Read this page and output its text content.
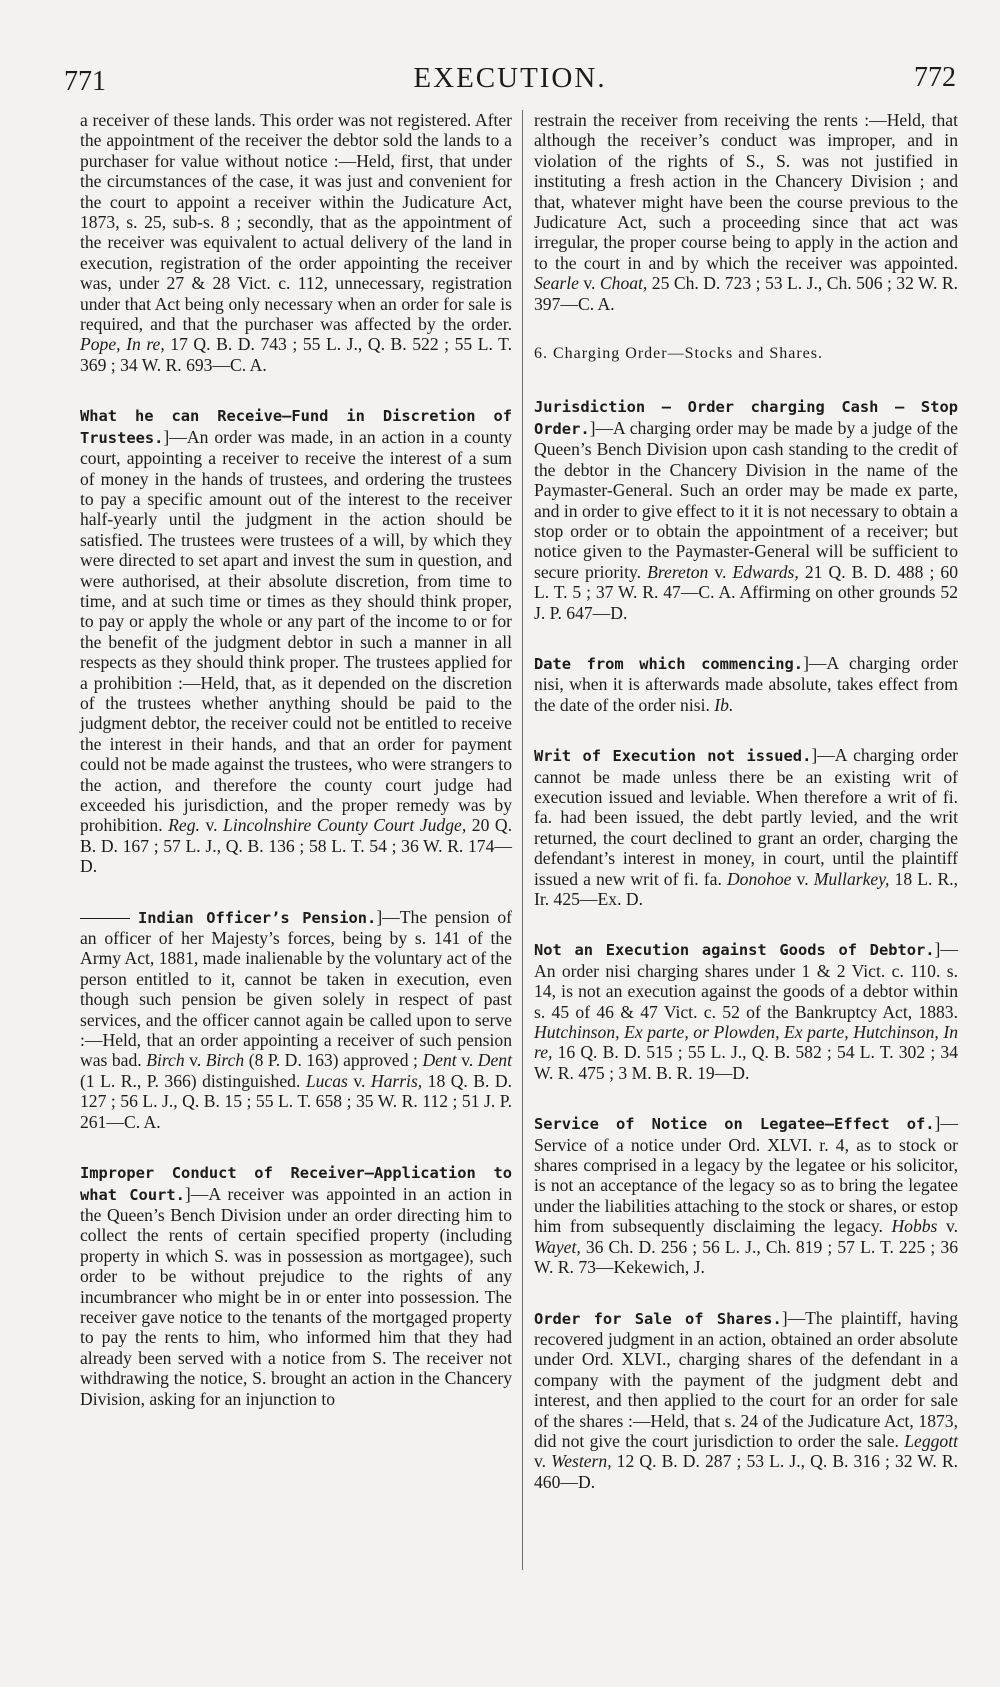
771	EXECUTION.	772

a receiver of these lands. This order was not registered. After the appointment of the receiver the debtor sold the lands to a purchaser for value without notice :—Held, first, that under the circumstances of the case, it was just and convenient for the court to appoint a receiver within the Judicature Act, 1873, s. 25, sub-s. 8 ; secondly, that as the appointment of the receiver was equivalent to actual delivery of the land in execution, registration of the order appointing the receiver was, under 27 & 28 Vict. c. 112, unnecessary, registration under that Act being only necessary when an order for sale is required, and that the purchaser was affected by the order. Pope, In re, 17 Q. B. D. 743 ; 55 L. J., Q. B. 522 ; 55 L. T. 369 ; 34 W. R. 693—C. A.

What he can Receive—Fund in Discretion of Trustees.]—An order was made, in an action in a county court, appointing a receiver to receive the interest of a sum of money in the hands of trustees, and ordering the trustees to pay a specific amount out of the interest to the receiver half-yearly until the judgment in the action should be satisfied. The trustees were trustees of a will, by which they were directed to set apart and invest the sum in question, and were authorised, at their absolute discretion, from time to time, and at such time or times as they should think proper, to pay or apply the whole or any part of the income to or for the benefit of the judgment debtor in such a manner in all respects as they should think proper. The trustees applied for a prohibition :—Held, that, as it depended on the discretion of the trustees whether anything should be paid to the judgment debtor, the receiver could not be entitled to receive the interest in their hands, and that an order for payment could not be made against the trustees, who were strangers to the action, and therefore the county court judge had exceeded his jurisdiction, and the proper remedy was by prohibition. Reg. v. Lincolnshire County Court Judge, 20 Q. B. D. 167 ; 57 L. J., Q. B. 136 ; 58 L. T. 54 ; 36 W. R. 174—D.

Indian Officer’s Pension.]—The pension of an officer of her Majesty’s forces, being by s. 141 of the Army Act, 1881, made inalienable by the voluntary act of the person entitled to it, cannot be taken in execution, even though such pension be given solely in respect of past services, and the officer cannot again be called upon to serve :—Held, that an order appointing a receiver of such pension was bad. Birch v. Birch (8 P. D. 163) approved ; Dent v. Dent (1 L. R., P. 366) distinguished. Lucas v. Harris, 18 Q. B. D. 127 ; 56 L. J., Q. B. 15 ; 55 L. T. 658 ; 35 W. R. 112 ; 51 J. P. 261—C. A.

Improper Conduct of Receiver—Application to what Court.]—A receiver was appointed in an action in the Queen’s Bench Division under an order directing him to collect the rents of certain specified property (including property in which S. was in possession as mortgagee), such order to be without prejudice to the rights of any incumbrancer who might be in or enter into possession. The receiver gave notice to the tenants of the mortgaged property to pay the rents to him, who informed him that they had already been served with a notice from S. The receiver not withdrawing the notice, S. brought an action in the Chancery Division, asking for an injunction to

restrain the receiver from receiving the rents :—Held, that although the receiver’s conduct was improper, and in violation of the rights of S., S. was not justified in instituting a fresh action in the Chancery Division ; and that, whatever might have been the course previous to the Judicature Act, such a proceeding since that act was irregular, the proper course being to apply in the action and to the court in and by which the receiver was appointed. Searle v. Choat, 25 Ch. D. 723 ; 53 L. J., Ch. 506 ; 32 W. R. 397—C. A.

6. Charging Order—Stocks and Shares.

Jurisdiction — Order charging Cash — Stop Order.]—A charging order may be made by a judge of the Queen’s Bench Division upon cash standing to the credit of the debtor in the Chancery Division in the name of the Paymaster-General. Such an order may be made ex parte, and in order to give effect to it it is not necessary to obtain a stop order or to obtain the appointment of a receiver; but notice given to the Paymaster-General will be sufficient to secure priority. Brereton v. Edwards, 21 Q. B. D. 488 ; 60 L. T. 5 ; 37 W. R. 47—C. A. Affirming on other grounds 52 J. P. 647—D.

Date from which commencing.]—A charging order nisi, when it is afterwards made absolute, takes effect from the date of the order nisi. Ib.

Writ of Execution not issued.]—A charging order cannot be made unless there be an existing writ of execution issued and leviable. When therefore a writ of fi. fa. had been issued, the debt partly levied, and the writ returned, the court declined to grant an order, charging the defendant’s interest in money, in court, until the plaintiff issued a new writ of fi. fa. Donohoe v. Mullarkey, 18 L. R., Ir. 425—Ex. D.

Not an Execution against Goods of Debtor.]—An order nisi charging shares under 1 & 2 Vict. c. 110. s. 14, is not an execution against the goods of a debtor within s. 45 of 46 & 47 Vict. c. 52 of the Bankruptcy Act, 1883. Hutchinson, Ex parte, or Plowden, Ex parte, Hutchinson, In re, 16 Q. B. D. 515 ; 55 L. J., Q. B. 582 ; 54 L. T. 302 ; 34 W. R. 475 ; 3 M. B. R. 19—D.

Service of Notice on Legatee—Effect of.]—Service of a notice under Ord. XLVI. r. 4, as to stock or shares comprised in a legacy by the legatee or his solicitor, is not an acceptance of the legacy so as to bring the legatee under the liabilities attaching to the stock or shares, or estop him from subsequently disclaiming the legacy. Hobbs v. Wayet, 36 Ch. D. 256 ; 56 L. J., Ch. 819 ; 57 L. T. 225 ; 36 W. R. 73—Kekewich, J.

Order for Sale of Shares.]—The plaintiff, having recovered judgment in an action, obtained an order absolute under Ord. XLVI., charging shares of the defendant in a company with the payment of the judgment debt and interest, and then applied to the court for an order for sale of the shares :—Held, that s. 24 of the Judicature Act, 1873, did not give the court jurisdiction to order the sale. Leggott v. Western, 12 Q. B. D. 287 ; 53 L. J., Q. B. 316 ; 32 W. R. 460—D.
